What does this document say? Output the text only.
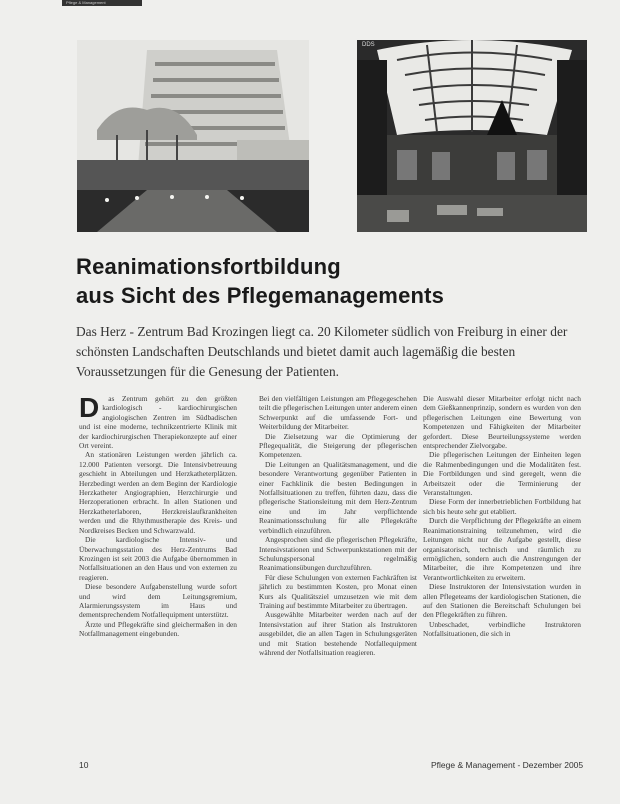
Pflege & Management
DDS
Reanimationsfortbildung
aus Sicht des Pflegemanagements

Das Herz - Zentrum Bad Krozingen liegt ca. 20 Kilometer südlich von Freiburg in einer der schönsten Landschaften Deutschlands und bietet damit auch lagemäßig die besten Voraussetzungen für die Genesung der Patienten.

D	as Zentrum gehört zu den größten kardiologisch - kardiochirurgischen angiologischen Zentren im Südbadischen und ist eine moderne, technikzentrierte Klinik mit der kardiochirurgischen Therapiekonzepte auf einer Ort vereint.

An stationären Leistungen werden jährlich ca. 12.000 Patienten versorgt. Die Intensivbetreuung geschieht in Abteilungen und Herzkatheterplätzen. Herzbedingt werden an dem Beginn der Kardiologie Herzkatheter Angiographien, Herzchirurgie und Herzoperationen erbracht. In allen Stationen und Herzkatheterlaboren, Herzkreislaufkrankheiten werden und die Rhythmustherapie des Kreis- und Nordkreises Becken und Schwarzwald.

Die kardiologische Intensiv- und Überwachungsstation des Herz-Zentrums Bad Krozingen ist seit 2003 die Aufgabe übernommen in Notfallsituationen an den Haus und von externen zu reagieren.

Diese besondere Aufgabenstellung wurde sofort und wird dem Leitungsgremium, Alarmierungssystem im Haus und dementsprechendem Notfallequipment unterstützt.

Ärzte und Pflegekräfte sind gleichermaßen in den Notfallmanagement eingebunden.

Bei den vielfältigen Leistungen am Pflegegeschehen teilt die pflegerischen Leitungen unter anderem einen Schwerpunkt auf die umfassende Fort- und Weiterbildung der Mitarbeiter.

Die Zielsetzung war die Optimierung der Pflegequalität, die Steigerung der pflegerischen Kompetenzen.

Die Leitungen an Qualitätsmanagement, und die besondere Verantwortung gegenüber Patienten in einer Fachklinik die besten Bedingungen in Notfallsituationen zu treffen, führten dazu, dass die pflegerische Stationsleitung mit dem Herz-Zentrum eine und im Jahr verpflichtende Reanimationsschulung für alle Pflegekräfte verbindlich einzuführen.

Angesprochen sind die pflegerischen Pflegekräfte, Intensivstationen und Schwerpunktstationen mit der Schulungspersonal regelmäßig Reanimationsübungen durchzuführen.

Für diese Schulungen von externen Fachkräften ist jährlich zu bestimmten Kosten, pro Monat einen Kurs als Qualitätsziel umzusetzen wie mit dem Training auf bestimmte Mitarbeiter zu übertragen.

Ausgewählte Mitarbeiter werden nach auf der Intensivstation auf ihrer Station als Instruktoren ausgebildet, die an allen Tagen in Schulungsgeräten und mit Station bestehende Notfallequipment während der Notfallsituation reagieren.

Die Auswahl dieser Mitarbeiter erfolgt nicht nach dem Gießkannenprinzip, sondern es wurden von den pflegerischen Leitungen eine Bewertung von Kompetenzen und Fähigkeiten der Mitarbeiter gefordert. Diese Beurteilungssysteme werden entsprechender Zielvorgabe.

Die pflegerischen Leitungen der Einheiten legen die Rahmenbedingungen und die Modalitäten fest. Die Fortbildungen und sind geregelt, wenn die Arbeitszeit oder die Terminierung der Veranstaltungen.

Diese Form der innerbetrieblichen Fortbildung hat sich bis heute sehr gut etabliert.

Durch die Verpflichtung der Pflegekräfte an einem Reanimationstraining teilzunehmen, wird die Leitungen nicht nur die Aufgabe gestellt, diese organisatorisch, technisch und räumlich zu ermöglichen, sondern auch die Anstrengungen der Mitarbeiter, die ihre Kompetenzen und ihre Verantwortlichkeiten zu erweitern.

Diese Instruktoren der Intensivstation wurden in allen Pflegeteams der kardiologischen Stationen, die auf den Stationen die Bereitschaft Schulungen bei den Pflegekräften zu führen.

Unbeschadet, verbindliche Instruktoren Notfallsituationen, die sich in

10	Pflege & Management - Dezember 2005
